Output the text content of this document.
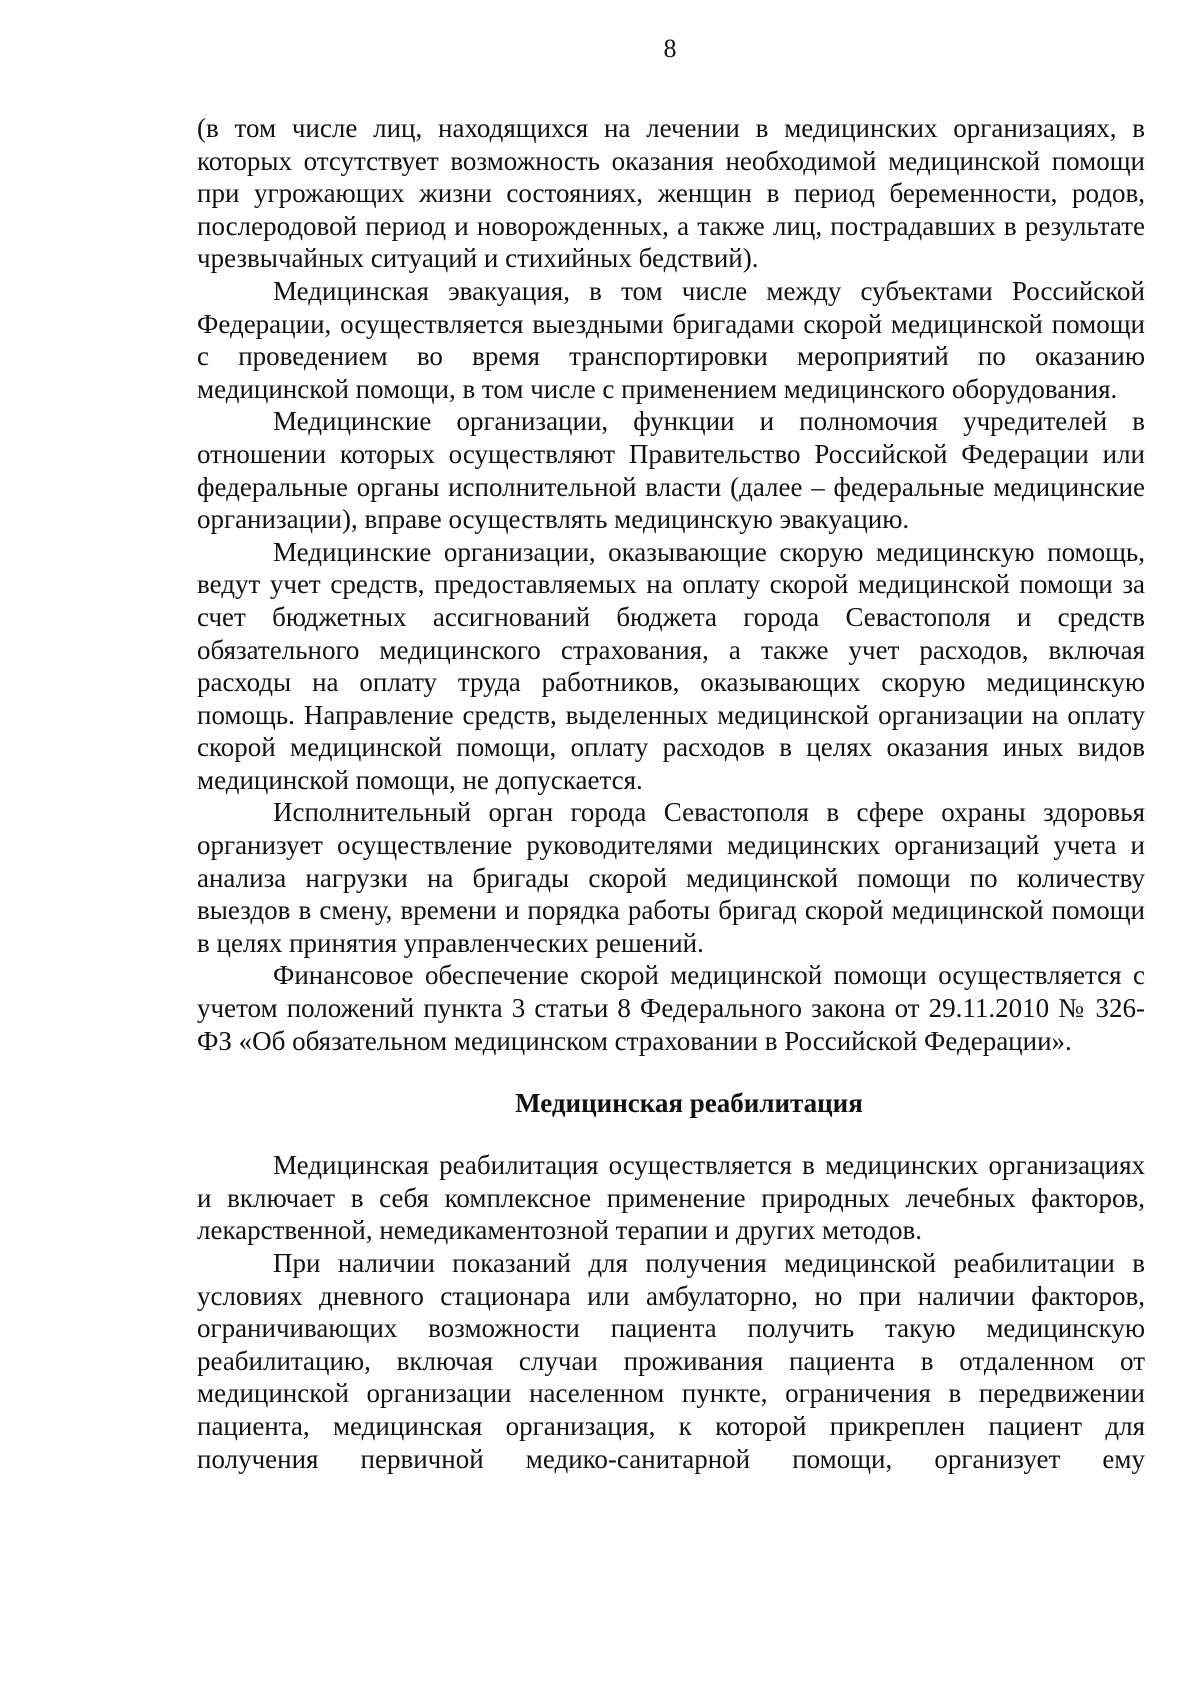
8

(в том числе лиц, находящихся на лечении в медицинских организациях, в которых отсутствует возможность оказания необходимой медицинской помощи при угрожающих жизни состояниях, женщин в период беременности, родов, послеродовой период и новорожденных, а также лиц, пострадавших в результате чрезвычайных ситуаций и стихийных бедствий).

Медицинская эвакуация, в том числе между субъектами Российской Федерации, осуществляется выездными бригадами скорой медицинской помощи с проведением во время транспортировки мероприятий по оказанию медицинской помощи, в том числе с применением медицинского оборудования.

Медицинские организации, функции и полномочия учредителей в отношении которых осуществляют Правительство Российской Федерации или федеральные органы исполнительной власти (далее – федеральные медицинские организации), вправе осуществлять медицинскую эвакуацию.

Медицинские организации, оказывающие скорую медицинскую помощь, ведут учет средств, предоставляемых на оплату скорой медицинской помощи за счет бюджетных ассигнований бюджета города Севастополя и средств обязательного медицинского страхования, а также учет расходов, включая расходы на оплату труда работников, оказывающих скорую медицинскую помощь. Направление средств, выделенных медицинской организации на оплату скорой медицинской помощи, оплату расходов в целях оказания иных видов медицинской помощи, не допускается.

Исполнительный орган города Севастополя в сфере охраны здоровья организует осуществление руководителями медицинских организаций учета и анализа нагрузки на бригады скорой медицинской помощи по количеству выездов в смену, времени и порядка работы бригад скорой медицинской помощи в целях принятия управленческих решений.

Финансовое обеспечение скорой медицинской помощи осуществляется с учетом положений пункта 3 статьи 8 Федерального закона от 29.11.2010 № 326-ФЗ «Об обязательном медицинском страховании в Российской Федерации».

Медицинская реабилитация

Медицинская реабилитация осуществляется в медицинских организациях и включает в себя комплексное применение природных лечебных факторов, лекарственной, немедикаментозной терапии и других методов.

При наличии показаний для получения медицинской реабилитации в условиях дневного стационара или амбулаторно, но при наличии факторов, ограничивающих возможности пациента получить такую медицинскую реабилитацию, включая случаи проживания пациента в отдаленном от медицинской организации населенном пункте, ограничения в передвижении пациента, медицинская организация, к которой прикреплен пациент для получения первичной медико-санитарной помощи, организует ему
